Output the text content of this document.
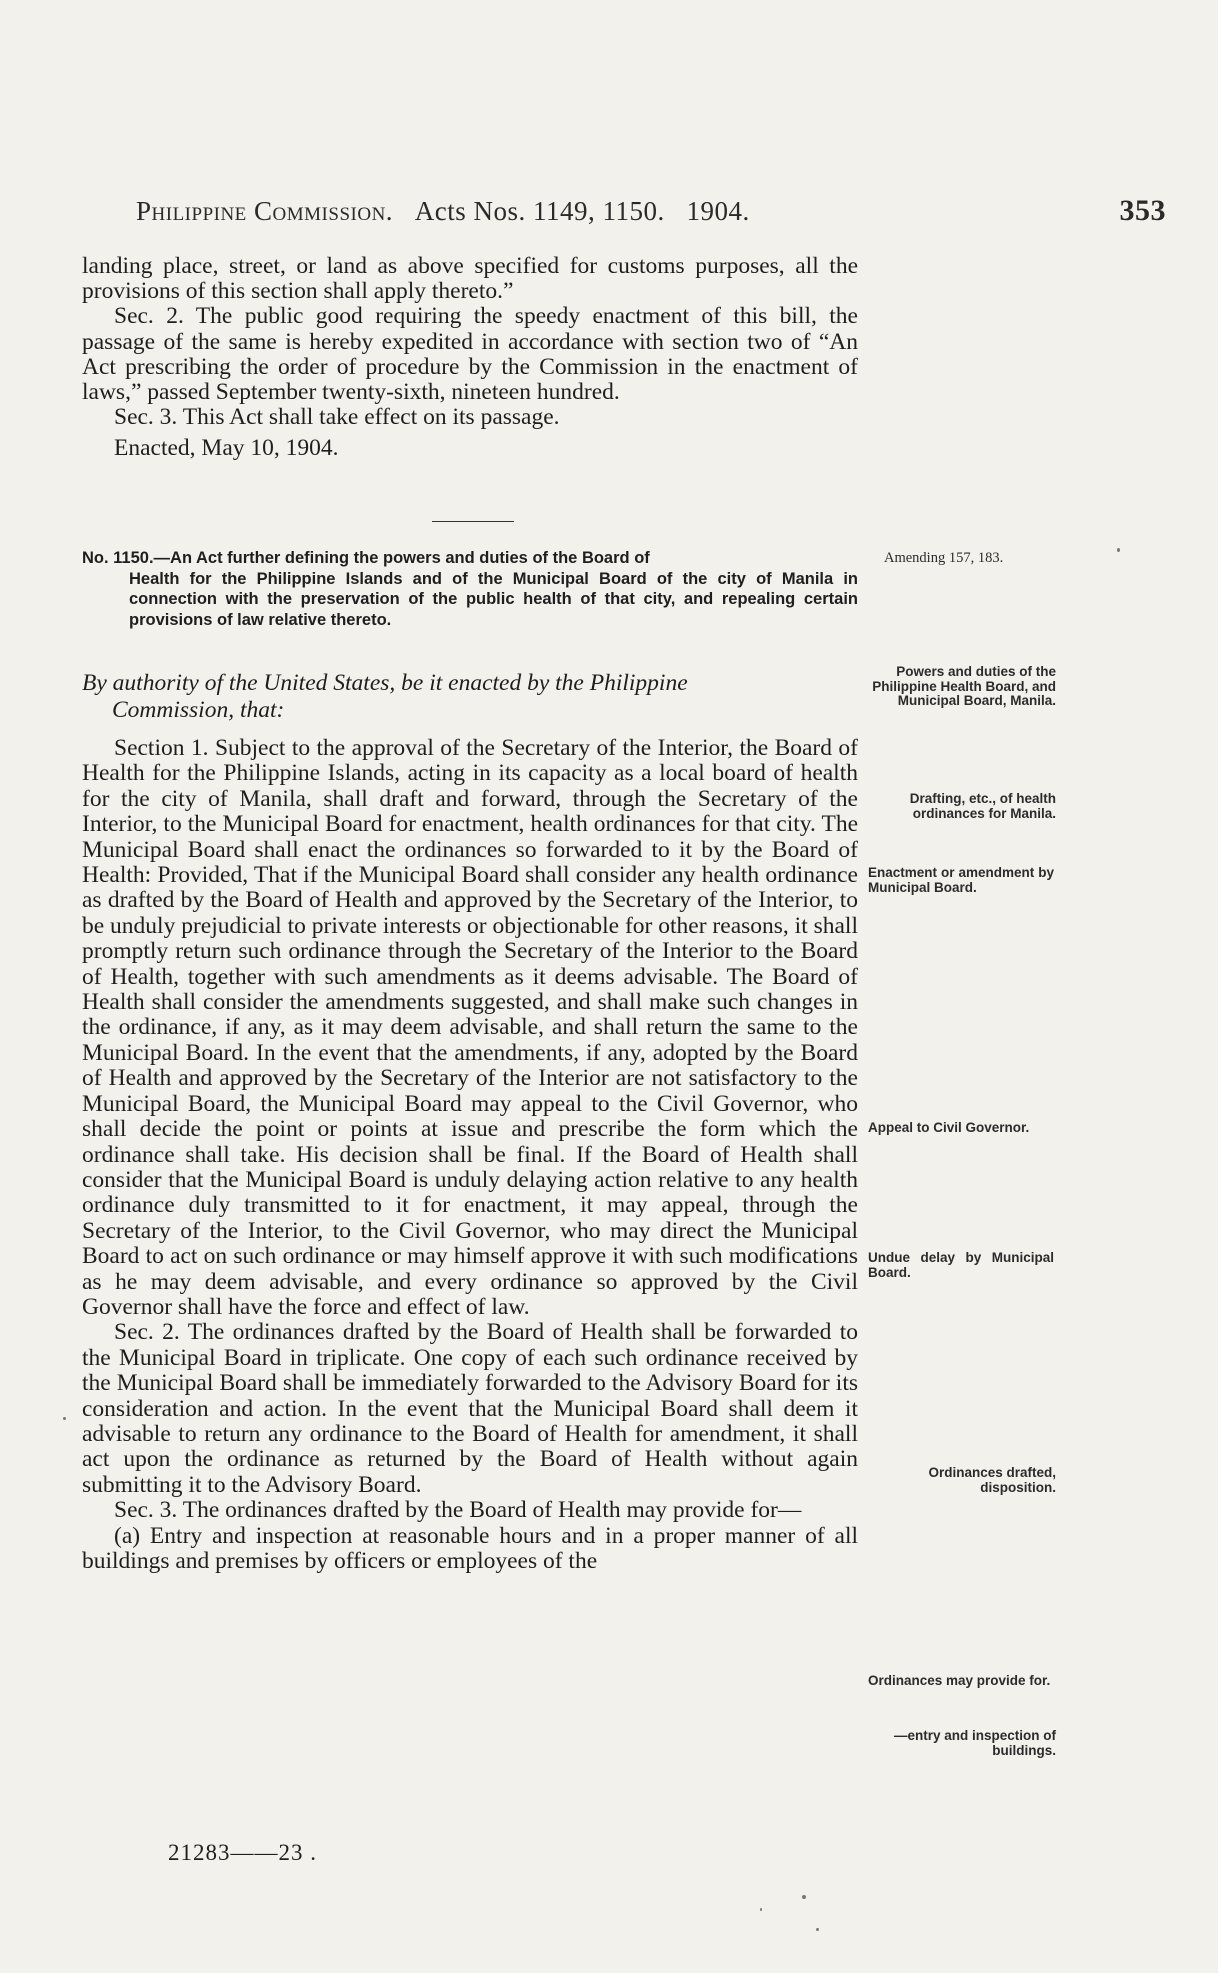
Philippine Commission. Acts Nos. 1149, 1150. 1904.	353

landing place, street, or land as above specified for customs purposes, all the provisions of this section shall apply thereto.”

Sec. 2. The public good requiring the speedy enactment of this bill, the passage of the same is hereby expedited in accordance with section two of “An Act prescribing the order of procedure by the Commission in the enactment of laws,” passed September twenty-sixth, nineteen hundred.

Sec. 3. This Act shall take effect on its passage.

Enacted, May 10, 1904.

No. 1150.—An Act further defining the powers and duties of the Board of
Health for the Philippine Islands and of the Municipal Board of the city of Manila in connection with the preservation of the public health of that city, and repealing certain provisions of law relative thereto.
By authority of the United States, be it enacted by the Philippine
Commission, that:

Section 1. Subject to the approval of the Secretary of the Interior, the Board of Health for the Philippine Islands, acting in its capacity as a local board of health for the city of Manila, shall draft and forward, through the Secretary of the Interior, to the Municipal Board for enactment, health ordinances for that city. The Municipal Board shall enact the ordinances so forwarded to it by the Board of Health: Provided, That if the Municipal Board shall consider any health ordinance as drafted by the Board of Health and approved by the Secretary of the Interior, to be unduly prejudicial to private interests or objectionable for other reasons, it shall promptly return such ordinance through the Secretary of the Interior to the Board of Health, together with such amendments as it deems advisable. The Board of Health shall consider the amendments suggested, and shall make such changes in the ordinance, if any, as it may deem advisable, and shall return the same to the Municipal Board. In the event that the amendments, if any, adopted by the Board of Health and approved by the Secretary of the Interior are not satisfactory to the Municipal Board, the Municipal Board may appeal to the Civil Governor, who shall decide the point or points at issue and prescribe the form which the ordinance shall take. His decision shall be final. If the Board of Health shall consider that the Municipal Board is unduly delaying action relative to any health ordinance duly transmitted to it for enactment, it may appeal, through the Secretary of the Interior, to the Civil Governor, who may direct the Municipal Board to act on such ordinance or may himself approve it with such modifications as he may deem advisable, and every ordinance so approved by the Civil Governor shall have the force and effect of law.

Sec. 2. The ordinances drafted by the Board of Health shall be forwarded to the Municipal Board in triplicate. One copy of each such ordinance received by the Municipal Board shall be immediately forwarded to the Advisory Board for its consideration and action. In the event that the Municipal Board shall deem it advisable to return any ordinance to the Board of Health for amendment, it shall act upon the ordinance as returned by the Board of Health without again submitting it to the Advisory Board.

Sec. 3. The ordinances drafted by the Board of Health may provide for—

(a) Entry and inspection at reasonable hours and in a proper manner of all buildings and premises by officers or employees of the

Amending 157, 183.
Powers and duties of the Philippine Health Board, and Municipal Board, Manila.
Drafting, etc., of health ordinances for Manila.
Enactment or amendment by Municipal Board.
Appeal to Civil Governor.
Undue delay by Municipal Board.
Ordinances drafted, disposition.
Ordinances may provide for.
—entry and inspection of buildings.
21283——23 .
